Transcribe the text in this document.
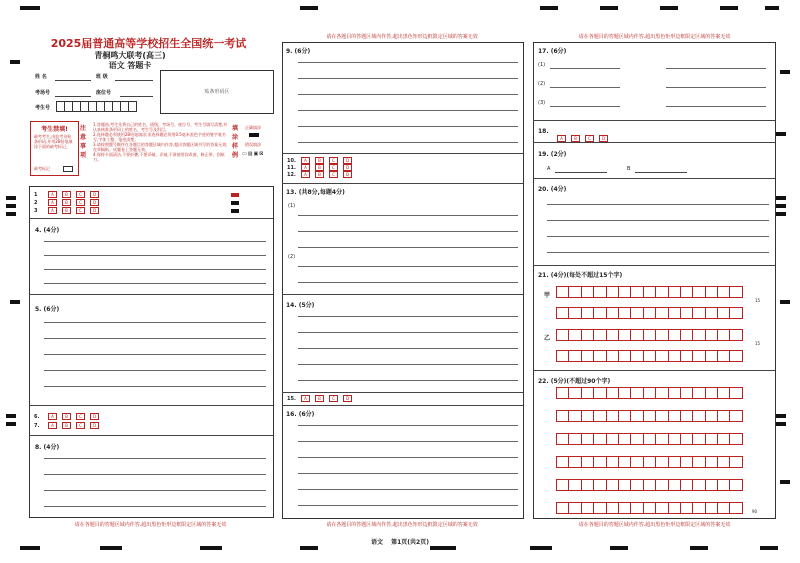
2025届普通高等学校招生全国统一考试
青桐鸣大联考(高三)
语文 答题卡
姓 名	班 级
考场号	座位号
考生号
贴条形码区
考生禁填!
缺考考生,由监考员贴条形码,并用2B铅笔填涂下面的缺考标记。
缺考标记
注意事项
1.答题前,考生先将自己的姓名、班级、考场号、座位号、考生号填写清楚,并认真核准条形码上的姓名、考生号及科目。
2.选择题必须使用2B铅笔填涂;非选择题必须用0.5毫米黑色字迹的签字笔书写,字体工整、笔迹清楚。
3.请按照题号顺序在各题目的答题区域内作答,超出答题区域书写的答案无效;在草稿纸、试题卷上答题无效。
4.保持卡面清洁,不要折叠,不要弄破、弄皱,不准使用涂改液、修正带、刮纸刀。
填涂样例
正确填涂
错误填涂
▭▨▣⊠
1	A	B	C	D
2	A	B	C	D
3	A	B	C	D
4. (4分)
5. (6分)
6.	A	B	C	D
7.	A	B	C	D
8. (4分)
请在各题目的答题区域内作答,超出黑色矩形边框限定区域的答案无效
请在各题目的答题区域内作答,超出黑色矩形边框限定区域的答案无效
9. (6分)
10. A	B	C	D
11. A	B	C	D
12. A	B	C	D
13. (共8分,每题4分)
(1)
(2)
14. (5分)
15. A	B	C	D
16. (6分)
请在各题目的答题区域内作答,超出黑色矩形边框限定区域的答案无效
请在各题目的答题区域内作答,超出黑色矩形边框限定区域的答案无效
17. (6分)
(1)
(2)
(3)
18.
A	B	C	D
19. (2分)
A	B
20. (4分)
21. (4分)(每处不超过15个字)
甲
乙
15
15
22. (5分)(不超过90个字)
90
请在各题目的答题区域内作答,超出黑色矩形边框限定区域的答案无效
语文 第1页(共2页)
